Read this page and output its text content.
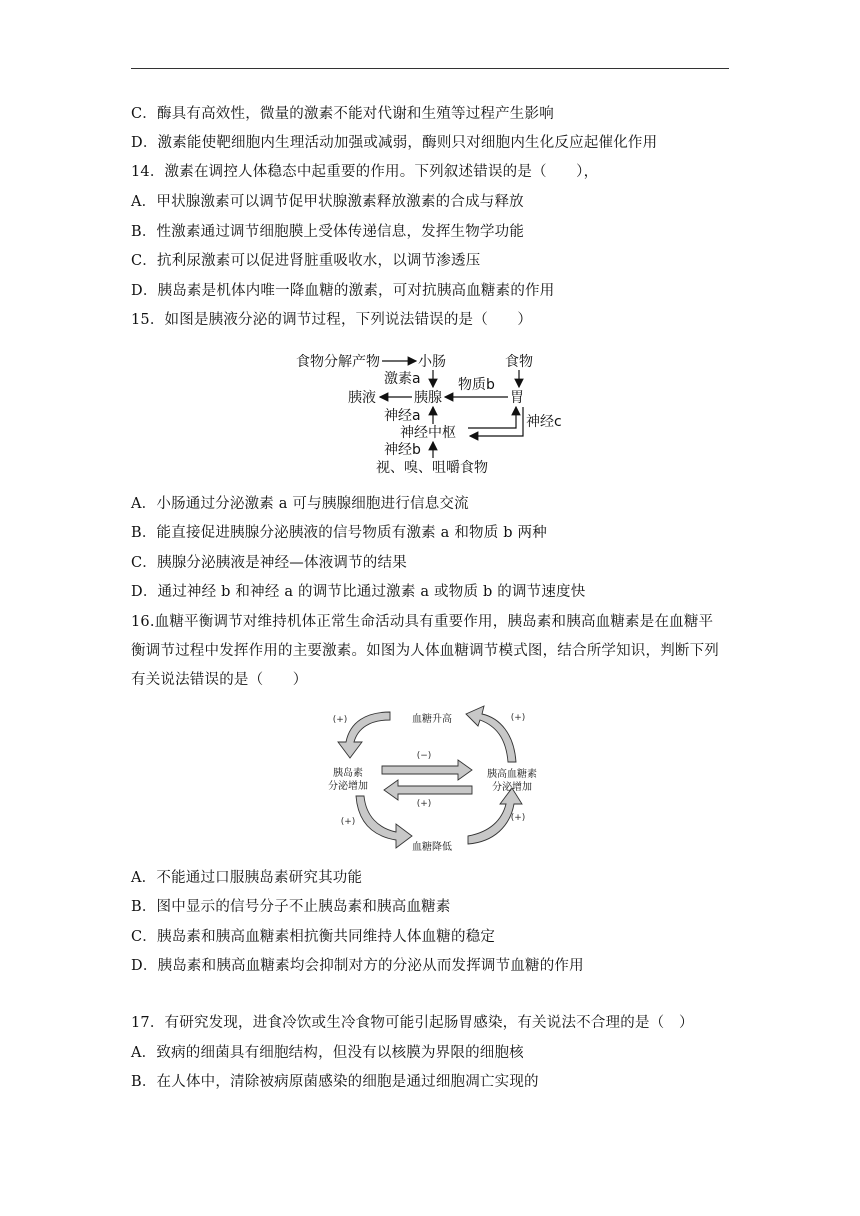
C．酶具有高效性，微量的激素不能对代谢和生殖等过程产生影响
D．激素能使靶细胞内生理活动加强或减弱，酶则只对细胞内生化反应起催化作用
14．激素在调控人体稳态中起重要的作用。下列叙述错误的是（　　），
A．甲状腺激素可以调节促甲状腺激素释放激素的合成与释放
B．性激素通过调节细胞膜上受体传递信息，发挥生物学功能
C．抗利尿激素可以促进肾脏重吸收水，以调节渗透压
D．胰岛素是机体内唯一降血糖的激素，可对抗胰高血糖素的作用
15．如图是胰液分泌的调节过程，下列说法错误的是（　　）
食物分解产物	小肠	食物
激素a	物质b
胰液	胰腺	胃
神经a	神经c
神经中枢
神经b
视、嗅、咀嚼食物
A．小肠通过分泌激素 a 可与胰腺细胞进行信息交流
B．能直接促进胰腺分泌胰液的信号物质有激素 a 和物质 b 两种
C．胰腺分泌胰液是神经—体液调节的结果
D．通过神经 b 和神经 a 的调节比通过激素 a 或物质 b 的调节速度快
16.血糖平衡调节对维持机体正常生命活动具有重要作用，胰岛素和胰高血糖素是在血糖平
衡调节过程中发挥作用的主要激素。如图为人体血糖调节模式图，结合所学知识，判断下列
有关说法错误的是（　　）
血糖升高
血糖降低
胰岛素
分泌增加
胰高血糖素
分泌增加
(+)	(+)
(−)
(+)
(+)	(+)
A．不能通过口服胰岛素研究其功能
B．图中显示的信号分子不止胰岛素和胰高血糖素
C．胰岛素和胰高血糖素相抗衡共同维持人体血糖的稳定
D．胰岛素和胰高血糖素均会抑制对方的分泌从而发挥调节血糖的作用
17．有研究发现，进食冷饮或生冷食物可能引起肠胃感染，有关说法不合理的是（　）
A．致病的细菌具有细胞结构，但没有以核膜为界限的细胞核
B．在人体中，清除被病原菌感染的细胞是通过细胞凋亡实现的
